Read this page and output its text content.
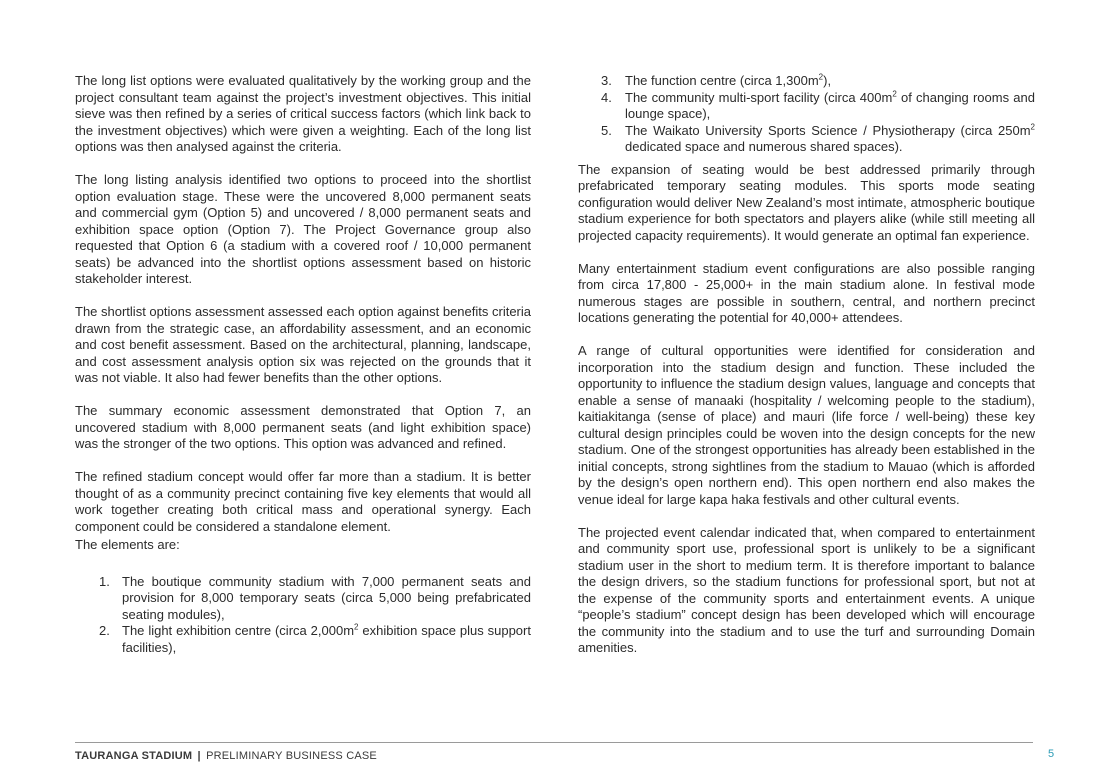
The long list options were evaluated qualitatively by the working group and the project consultant team against the project’s investment objectives. This initial sieve was then refined by a series of critical success factors (which link back to the investment objectives) which were given a weighting. Each of the long list options was then analysed against the criteria.

The long listing analysis identified two options to proceed into the shortlist option evaluation stage. These were the uncovered 8,000 permanent seats and commercial gym (Option 5) and uncovered / 8,000 permanent seats and exhibition space option (Option 7). The Project Governance group also requested that Option 6 (a stadium with a covered roof / 10,000 permanent seats) be advanced into the shortlist options assessment based on historic stakeholder interest.

The shortlist options assessment assessed each option against benefits criteria drawn from the strategic case, an affordability assessment, and an economic and cost benefit assessment. Based on the architectural, planning, landscape, and cost assessment analysis option six was rejected on the grounds that it was not viable. It also had fewer benefits than the other options.

The summary economic assessment demonstrated that Option 7, an uncovered stadium with 8,000 permanent seats (and light exhibition space) was the stronger of the two options. This option was advanced and refined.

The refined stadium concept would offer far more than a stadium. It is better thought of as a community precinct containing five key elements that would all work together creating both critical mass and operational synergy. Each component could be considered a standalone element.

The elements are:

1. The boutique community stadium with 7,000 permanent seats and provision for 8,000 temporary seats (circa 5,000 being prefabricated seating modules),
2. The light exhibition centre (circa $2,000m^2$ exhibition space plus support facilities),
3. The function centre (circa $1,300m^2$),
4. The community multi-sport facility (circa $400m^2$ of changing rooms and lounge space),
5. The Waikato University Sports Science / Physiotherapy (circa $250m^2$ dedicated space and numerous shared spaces).

The expansion of seating would be best addressed primarily through prefabricated temporary seating modules. This sports mode seating configuration would deliver New Zealand’s most intimate, atmospheric boutique stadium experience for both spectators and players alike (while still meeting all projected capacity requirements). It would generate an optimal fan experience.

Many entertainment stadium event configurations are also possible ranging from circa 17,800 - 25,000+ in the main stadium alone. In festival mode numerous stages are possible in southern, central, and northern precinct locations generating the potential for 40,000+ attendees.

A range of cultural opportunities were identified for consideration and incorporation into the stadium design and function. These included the opportunity to influence the stadium design values, language and concepts that enable a sense of manaaki (hospitality / welcoming people to the stadium), kaitiakitanga (sense of place) and mauri (life force / well-being) these key cultural design principles could be woven into the design concepts for the new stadium. One of the strongest opportunities has already been established in the initial concepts, strong sightlines from the stadium to Mauao (which is afforded by the design’s open northern end). This open northern end also makes the venue ideal for large kapa haka festivals and other cultural events.

The projected event calendar indicated that, when compared to entertainment and community sport use, professional sport is unlikely to be a significant stadium user in the short to medium term. It is therefore important to balance the design drivers, so the stadium functions for professional sport, but not at the expense of the community sports and entertainment events. A unique “people’s stadium” concept design has been developed which will encourage the community into the stadium and to use the turf and surrounding Domain amenities.

TAURANGA STADIUM | PRELIMINARY BUSINESS CASE	5
